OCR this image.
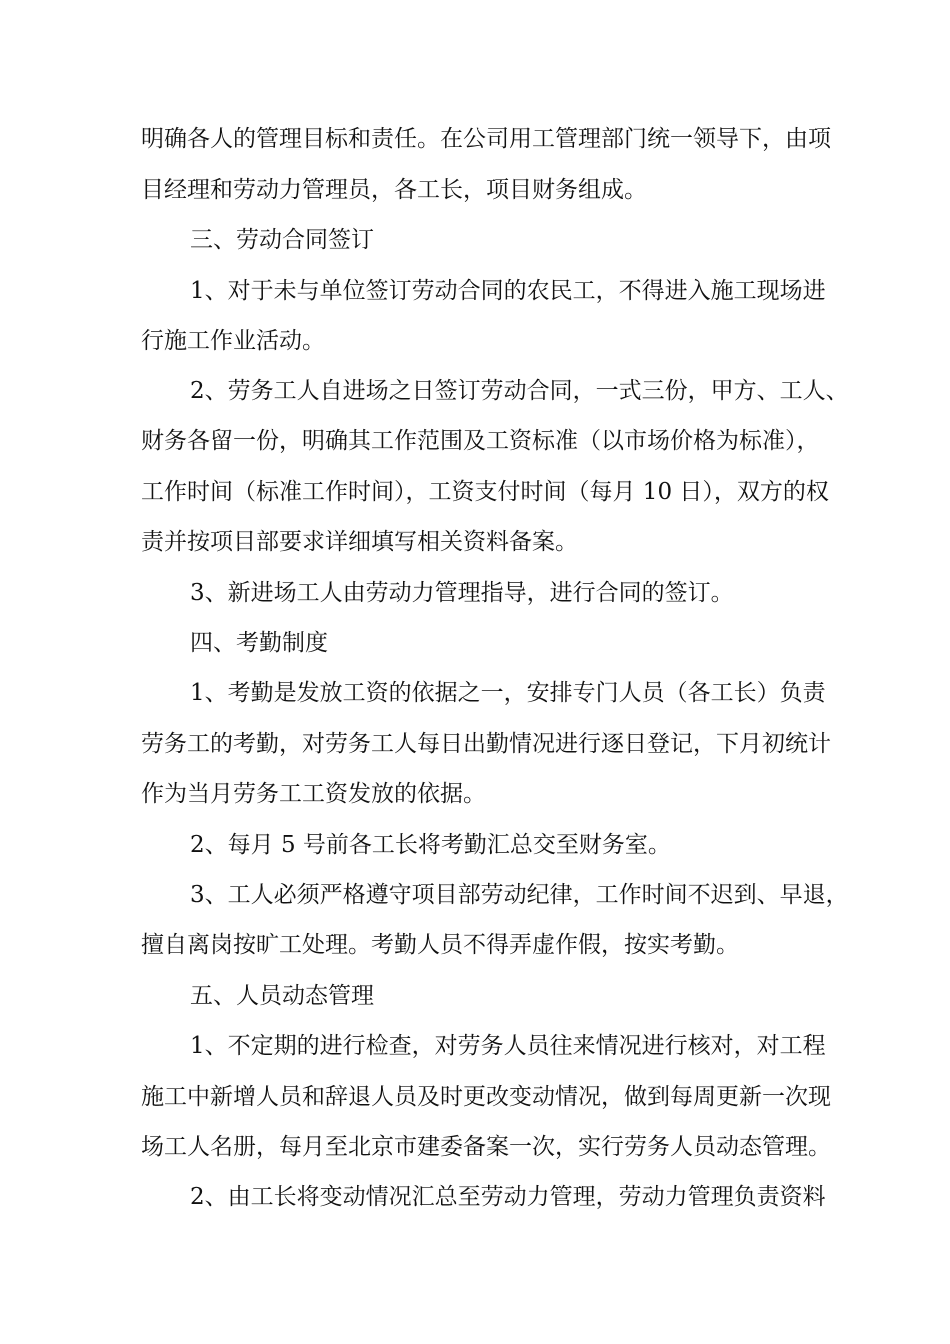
明确各人的管理目标和责任。在公司用工管理部门统一领导下，由项
目经理和劳动力管理员，各工长，项目财务组成。
三、劳动合同签订
1、对于未与单位签订劳动合同的农民工，不得进入施工现场进
行施工作业活动。
2、劳务工人自进场之日签订劳动合同，一式三份，甲方、工人、
财务各留一份，明确其工作范围及工资标准（以市场价格为标准），
工作时间（标准工作时间），工资支付时间（每月 10 日），双方的权
责并按项目部要求详细填写相关资料备案。
3、新进场工人由劳动力管理指导，进行合同的签订。
四、考勤制度
1、考勤是发放工资的依据之一，安排专门人员（各工长）负责
劳务工的考勤，对劳务工人每日出勤情况进行逐日登记，下月初统计
作为当月劳务工工资发放的依据。
2、每月 5 号前各工长将考勤汇总交至财务室。
3、工人必须严格遵守项目部劳动纪律，工作时间不迟到、早退，
擅自离岗按旷工处理。考勤人员不得弄虚作假，按实考勤。
五、人员动态管理
1、不定期的进行检查，对劳务人员往来情况进行核对，对工程
施工中新增人员和辞退人员及时更改变动情况，做到每周更新一次现
场工人名册，每月至北京市建委备案一次，实行劳务人员动态管理。
2、由工长将变动情况汇总至劳动力管理，劳动力管理负责资料
